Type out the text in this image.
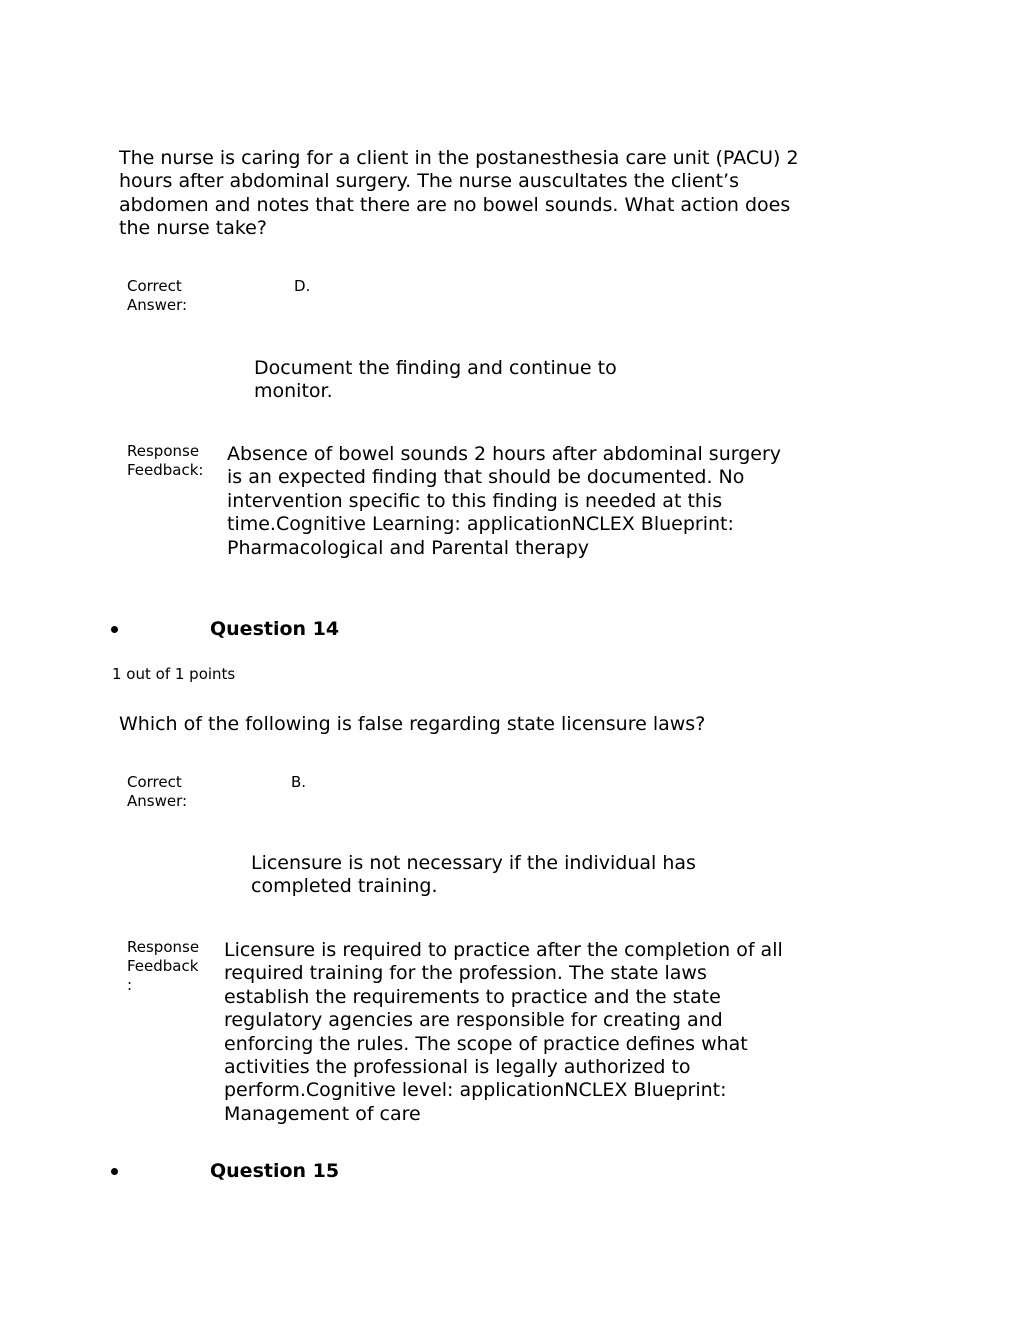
The nurse is caring for a client in the postanesthesia care unit (PACU) 2 hours after abdominal surgery. The nurse auscultates the client’s abdomen and notes that there are no bowel sounds. What action does the nurse take?
Correct
Answer:
D.
Document the finding and continue to monitor.
Response
Feedback:
Absence of bowel sounds 2 hours after abdominal surgery is an expected finding that should be documented. No intervention specific to this finding is needed at this time.Cognitive Learning: applicationNCLEX Blueprint: Pharmacological and Parental therapy
Question 14
1 out of 1 points
Which of the following is false regarding state licensure laws?
Correct
Answer:
B.
Licensure is not necessary if the individual has completed training.
Response
Feedback
:
Licensure is required to practice after the completion of all required training for the profession. The state laws establish the requirements to practice and the state regulatory agencies are responsible for creating and enforcing the rules. The scope of practice defines what activities the professional is legally authorized to perform.Cognitive level: applicationNCLEX Blueprint: Management of care
Question 15
